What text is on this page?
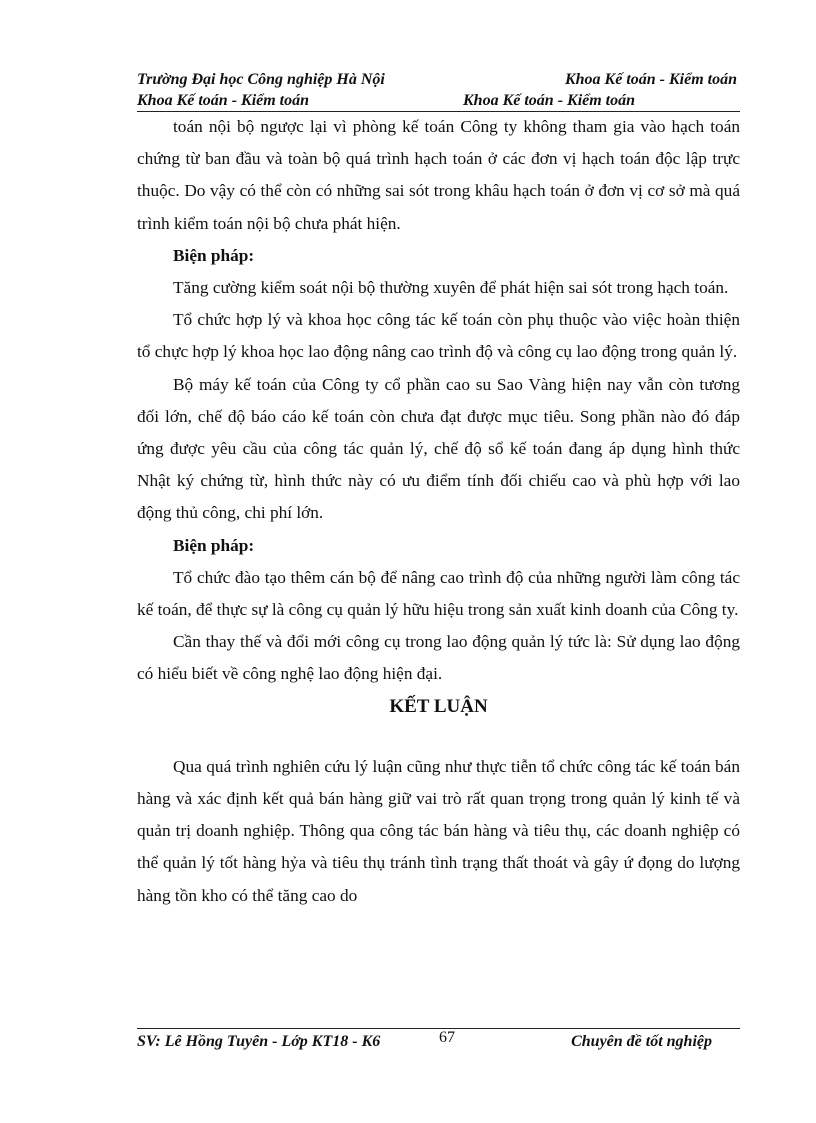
Trường Đại học Công nghiệp Hà Nội	Khoa Kế toán - Kiểm toán
Khoa Kế toán - Kiểm toán	Khoa Kế toán - Kiểm toán

toán nội bộ ngược lại vì phòng kế toán Công ty không tham gia vào hạch toán chứng từ ban đầu và toàn bộ quá trình hạch toán ở các đơn vị hạch toán độc lập trực thuộc. Do vậy có thể còn có những sai sót trong khâu hạch toán ở đơn vị cơ sở mà quá trình kiểm toán nội bộ chưa phát hiện.

Biện pháp:

Tăng cường kiểm soát nội bộ thường xuyên để phát hiện sai sót trong hạch toán.

Tổ chức hợp lý và khoa học công tác kế toán còn phụ thuộc vào việc hoàn thiện tổ chực hợp lý khoa học lao động nâng cao trình độ và công cụ lao động trong quản lý.

Bộ máy kế toán của Công ty cổ phần cao su Sao Vàng hiện nay vẫn còn tương đối lớn, chế độ báo cáo kế toán còn chưa đạt được mục tiêu. Song phần nào đó đáp ứng được yêu cầu của công tác quản lý, chế độ sổ kế toán đang áp dụng hình thức Nhật ký chứng từ, hình thức này có ưu điểm tính đối chiếu cao và phù hợp với lao động thủ công, chi phí lớn.

Biện pháp:

Tổ chức đào tạo thêm cán bộ để nâng cao trình độ của những người làm công tác kế toán, để thực sự là công cụ quản lý hữu hiệu trong sản xuất kinh doanh của Công ty.

Cần thay thế và đổi mới công cụ trong lao động quản lý tức là: Sử dụng lao động có hiểu biết về công nghệ lao động hiện đại.

KẾT LUẬN

Qua quá trình nghiên cứu lý luận cũng như thực tiễn tổ chức công tác kế toán bán hàng và xác định kết quả bán hàng giữ vai trò rất quan trọng trong quản lý kinh tế và quản trị doanh nghiệp. Thông qua công tác bán hàng và tiêu thụ, các doanh nghiệp có thể quản lý tốt hàng hỷa và tiêu thụ tránh tình trạng thất thoát và gây ứ đọng do lượng hàng tồn kho có thể tăng cao do

SV: Lê Hồng Tuyên - Lớp KT18 - K6	67	Chuyên đề tốt nghiệp
